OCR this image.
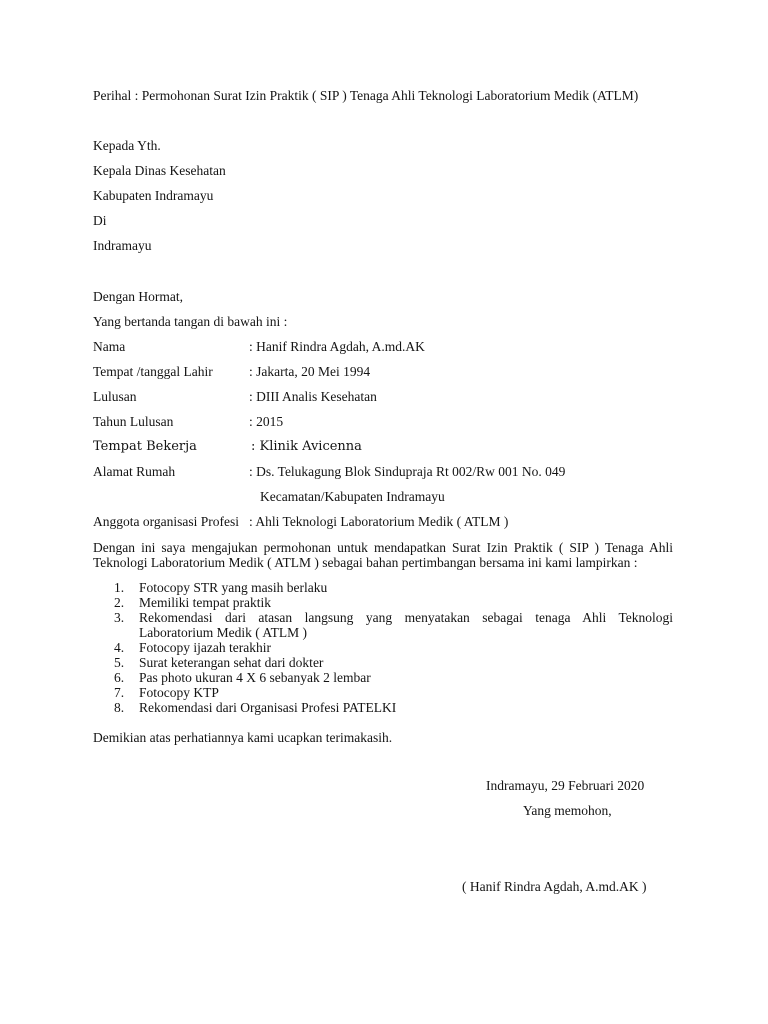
Perihal : Permohonan Surat Izin Praktik ( SIP ) Tenaga Ahli Teknologi Laboratorium Medik (ATLM)
Kepada Yth.
Kepala Dinas Kesehatan
Kabupaten Indramayu
Di
Indramayu
Dengan Hormat,
Yang bertanda tangan di bawah ini :
Nama	: Hanif Rindra Agdah, A.md.AK
Tempat /tanggal Lahir	: Jakarta, 20 Mei 1994
Lulusan	: DIII Analis Kesehatan
Tahun Lulusan	: 2015
Tempat Bekerja	: Klinik Avicenna
Alamat Rumah	: Ds. Telukagung Blok Sindupraja Rt 002/Rw 001 No. 049
Kecamatan/Kabupaten Indramayu
Anggota organisasi Profesi : Ahli Teknologi Laboratorium Medik ( ATLM )
Dengan ini saya mengajukan permohonan untuk mendapatkan Surat Izin Praktik ( SIP ) Tenaga Ahli
Teknologi Laboratorium Medik ( ATLM ) sebagai bahan pertimbangan bersama ini kami lampirkan :
1. Fotocopy STR yang masih berlaku
2. Memiliki tempat praktik
3. Rekomendasi dari atasan langsung yang menyatakan sebagai tenaga Ahli Teknologi
Laboratorium Medik ( ATLM )
4. Fotocopy ijazah terakhir
5. Surat keterangan sehat dari dokter
6. Pas photo ukuran 4 X 6 sebanyak 2 lembar
7. Fotocopy KTP
8. Rekomendasi dari Organisasi Profesi PATELKI
Demikian atas perhatiannya kami ucapkan terimakasih.
Indramayu, 29 Februari 2020
Yang memohon,
( Hanif Rindra Agdah, A.md.AK )
